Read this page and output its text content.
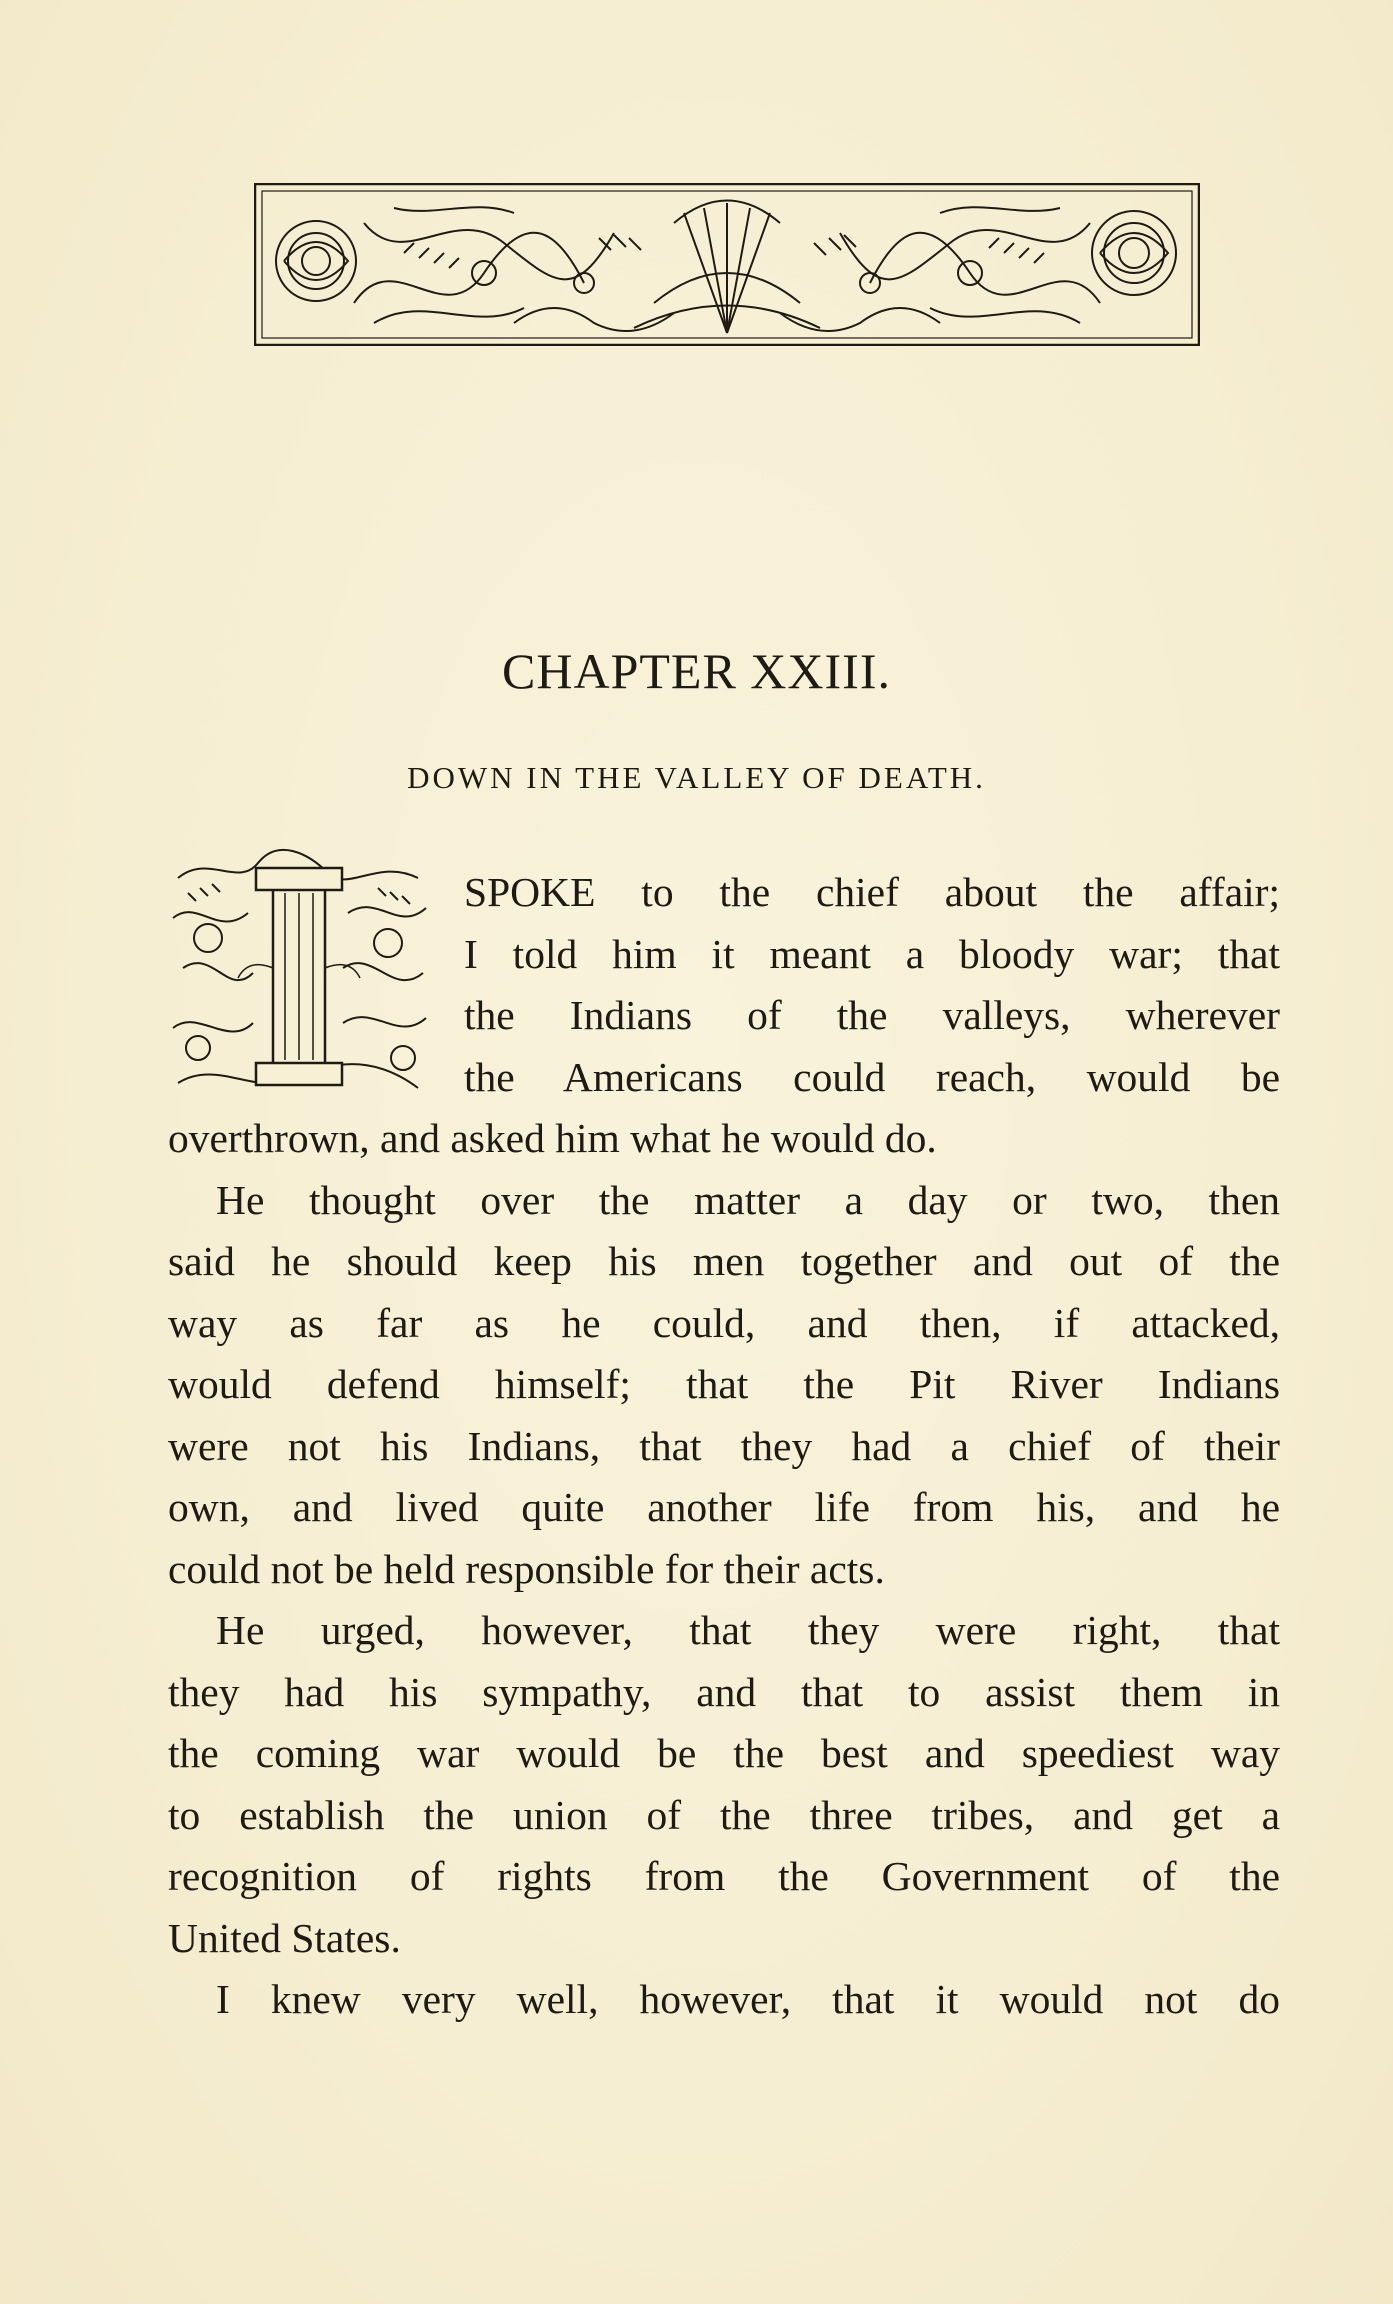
CHAPTER XXIII.
DOWN IN THE VALLEY OF DEATH.
SPOKE to the chief about the affair;
I told him it meant a bloody war; that
the Indians of the valleys, wherever
the Americans could reach, would be
overthrown, and asked him what he would do.
He thought over the matter a day or two, then
said he should keep his men together and out of the
way as far as he could, and then, if attacked,
would defend himself; that the Pit River Indians
were not his Indians, that they had a chief of their
own, and lived quite another life from his, and he
could not be held responsible for their acts.
He urged, however, that they were right, that
they had his sympathy, and that to assist them in
the coming war would be the best and speediest way
to establish the union of the three tribes, and get a
recognition of rights from the Government of the
United States.
I knew very well, however, that it would not do
